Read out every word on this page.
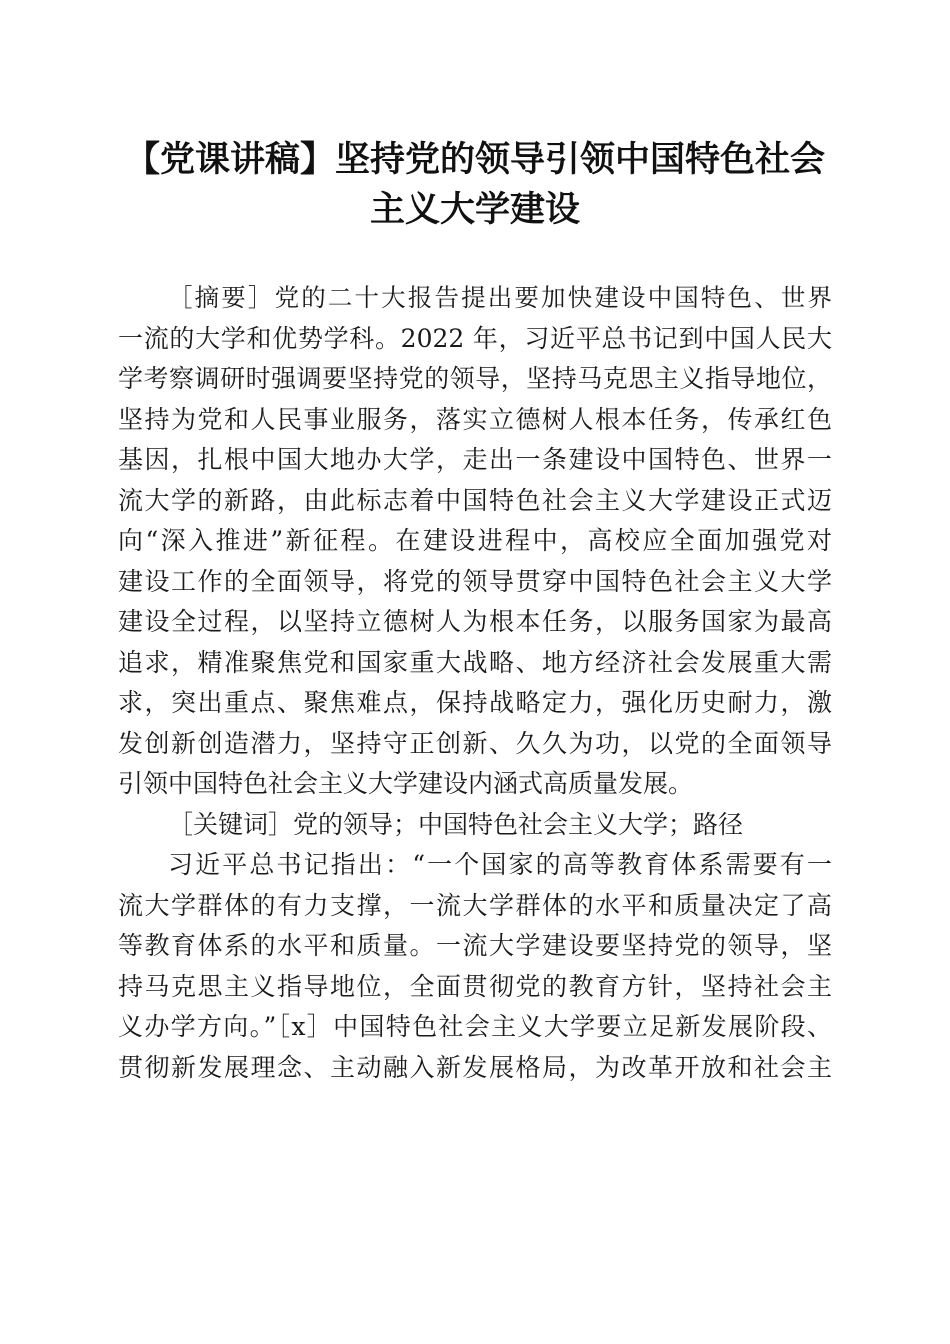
【党课讲稿】坚持党的领导引领中国特色社会
主义大学建设
［摘要］党的二十大报告提出要加快建设中国特色、世界
一流的大学和优势学科。2022 年，习近平总书记到中国人民大
学考察调研时强调要坚持党的领导，坚持马克思主义指导地位，
坚持为党和人民事业服务，落实立德树人根本任务，传承红色
基因，扎根中国大地办大学，走出一条建设中国特色、世界一
流大学的新路，由此标志着中国特色社会主义大学建设正式迈
向“深入推进”新征程。在建设进程中，高校应全面加强党对
建设工作的全面领导，将党的领导贯穿中国特色社会主义大学
建设全过程，以坚持立德树人为根本任务，以服务国家为最高
追求，精准聚焦党和国家重大战略、地方经济社会发展重大需
求，突出重点、聚焦难点，保持战略定力，强化历史耐力，激
发创新创造潜力，坚持守正创新、久久为功，以党的全面领导
引领中国特色社会主义大学建设内涵式高质量发展。
［关键词］党的领导；中国特色社会主义大学；路径
习近平总书记指出：“一个国家的高等教育体系需要有一
流大学群体的有力支撑，一流大学群体的水平和质量决定了高
等教育体系的水平和质量。一流大学建设要坚持党的领导，坚
持马克思主义指导地位，全面贯彻党的教育方针，坚持社会主
义办学方向。”［x］中国特色社会主义大学要立足新发展阶段、
贯彻新发展理念、主动融入新发展格局，为改革开放和社会主
